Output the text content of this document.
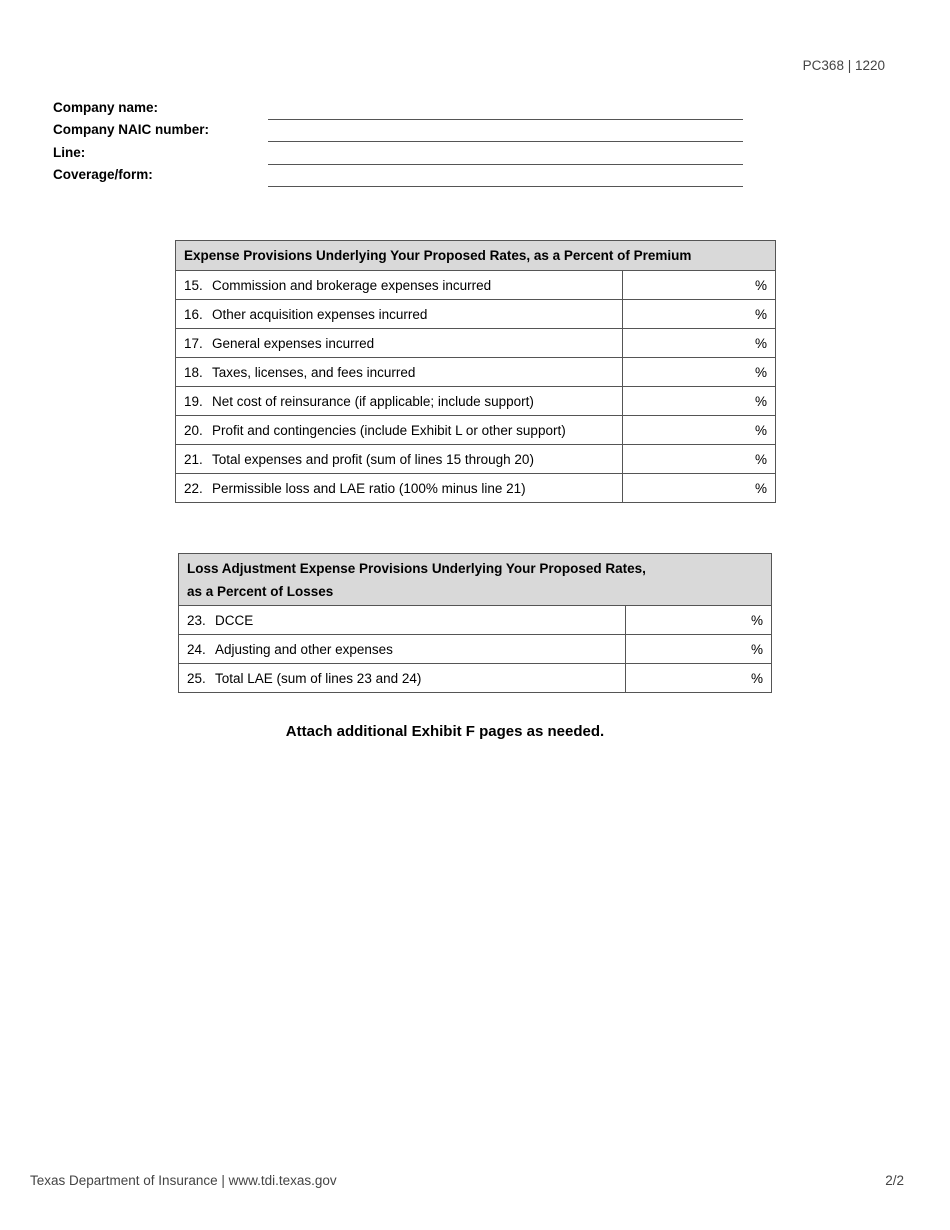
PC368 | 1220
Company name:
Company NAIC number:
Line:
Coverage/form:
Expense Provisions Underlying Your Proposed Rates, as a Percent of Premium	
15. Commission and brokerage expenses incurred	%
16. Other acquisition expenses incurred	%
17. General expenses incurred	%
18. Taxes, licenses, and fees incurred	%
19. Net cost of reinsurance (if applicable; include support)	%
20. Profit and contingencies (include Exhibit L or other support)	%
21. Total expenses and profit (sum of lines 15 through 20)	%
22. Permissible loss and LAE ratio (100% minus line 21)	%
Loss Adjustment Expense Provisions Underlying Your Proposed Rates,
as a Percent of Losses	

23. DCCE	%
24. Adjusting and other expenses	%
25. Total LAE (sum of lines 23 and 24)	%
Attach additional Exhibit F pages as needed.
Texas Department of Insurance | www.tdi.texas.gov	2/2
